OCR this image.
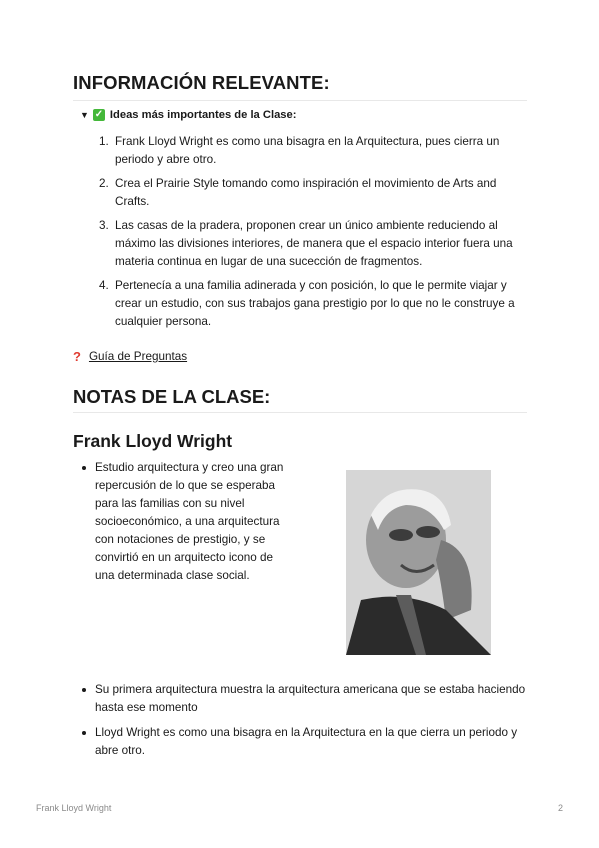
INFORMACIÓN RELEVANTE:
▼ ✓ Ideas más importantes de la Clase:
1. Frank Lloyd Wright es como una bisagra en la Arquitectura, pues cierra un periodo y abre otro.
2. Crea el Prairie Style tomando como inspiración el movimiento de Arts and Crafts.
3. Las casas de la pradera, proponen crear un único ambiente reduciendo al máximo las divisiones interiores, de manera que el espacio interior fuera una materia continua en lugar de una sucección de fragmentos.
4. Pertenecía a una familia adinerada y con posición, lo que le permite viajar y crear un estudio, con sus trabajos gana prestigio por lo que no le construye a cualquier persona.
? Guía de Preguntas
NOTAS DE LA CLASE:
Frank Lloyd Wright
Estudio arquitectura y creo una gran repercusión de lo que se esperaba para las familias con su nivel socioeconómico, a una arquitectura con notaciones de prestigio, y se convirtió en un arquitecto icono de una determinada clase social.
Su primera arquitectura muestra la arquitectura americana que se estaba haciendo hasta ese momento
Lloyd Wright es como una bisagra en la Arquitectura en la que cierra un periodo y abre otro.
Frank Lloyd Wright	2
